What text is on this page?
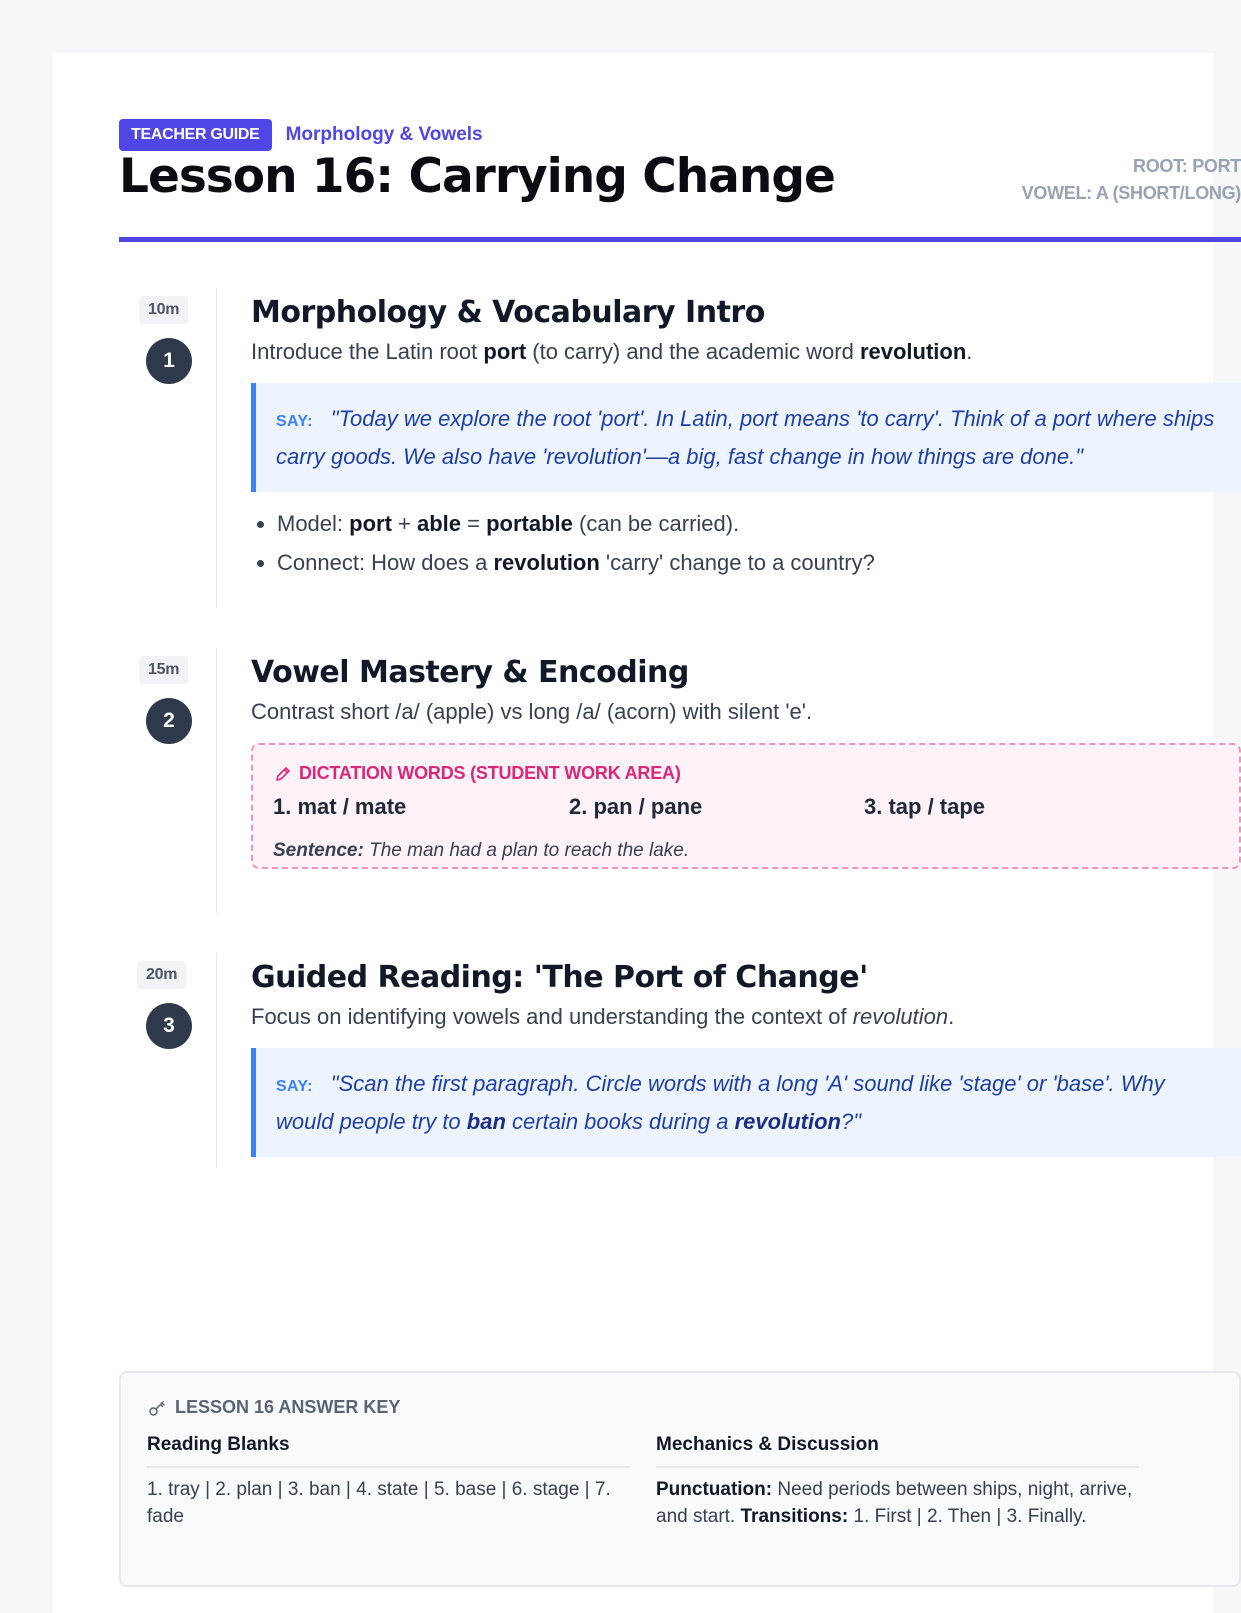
TEACHER GUIDE	Morphology & Vowels
Lesson 16: Carrying Change	ROOT: PORT
VOWEL: A (SHORT/LONG)
10m
1
Morphology & Vocabulary Intro

Introduce the Latin root port (to carry) and the academic word revolution.

SAY: "Today we explore the root 'port'. In Latin, port means 'to carry'. Think of a port where ships carry goods. We also have 'revolution'—a big, fast change in how things are done."
• Model: port + able = portable (can be carried).
• Connect: How does a revolution 'carry' change to a country?
15m
2
Vowel Mastery & Encoding

Contrast short /a/ (apple) vs long /a/ (acorn) with silent 'e'.

DICTATION WORDS (STUDENT WORK AREA)
1. mat / mate	2. pan / pane	3. tap / tape
Sentence: The man had a plan to reach the lake.
20m
3
Guided Reading: 'The Port of Change'

Focus on identifying vowels and understanding the context of revolution.

SAY: "Scan the first paragraph. Circle words with a long 'A' sound like 'stage' or 'base'. Why would people try to ban certain books during a revolution?"
LESSON 16 ANSWER KEY
Reading Blanks

1. tray | 2. plan | 3. ban | 4. state | 5. base | 6. stage | 7. fade

Mechanics & Discussion

Punctuation: Need periods between ships, night, arrive, and start. Transitions: 1. First | 2. Then | 3. Finally.
